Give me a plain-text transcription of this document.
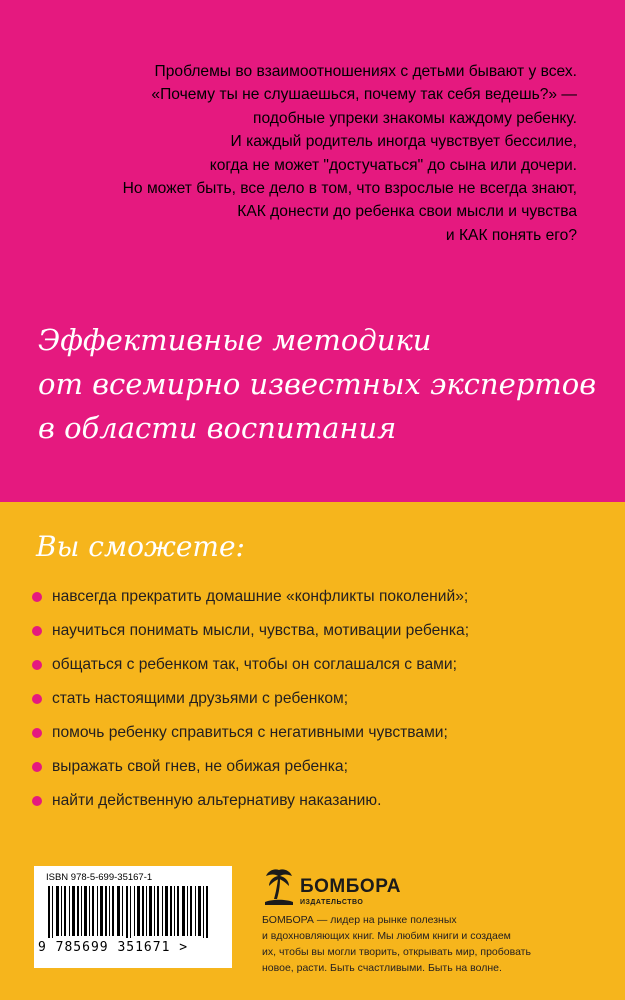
Проблемы во взаимоотношениях с детьми бывают у всех.
«Почему ты не слушаешься, почему так себя ведешь?» —
подобные упреки знакомы каждому ребенку.
И каждый родитель иногда чувствует бессилие,
когда не может "достучаться" до сына или дочери.
Но может быть, все дело в том, что взрослые не всегда знают,
КАК донести до ребенка свои мысли и чувства
и КАК понять его?
Эффективные методики
от всемирно известных экспертов
в области воспитания
Вы сможете:
навсегда прекратить домашние «конфликты поколений»;
научиться понимать мысли, чувства, мотивации ребенка;
общаться с ребенком так, чтобы он соглашался с вами;
стать настоящими друзьями с ребенком;
помочь ребенку справиться с негативными чувствами;
выражать свой гнев, не обижая ребенка;
найти действенную альтернативу наказанию.
ISBN 978-5-699-35167-1
9 785699 351671 >
БОМБОРА
ИЗДАТЕЛЬСТВО
БОМБОРА — лидер на рынке полезных
и вдохновляющих книг. Мы любим книги и создаем
их, чтобы вы могли творить, открывать мир, пробовать
новое, расти. Быть счастливыми. Быть на волне.
